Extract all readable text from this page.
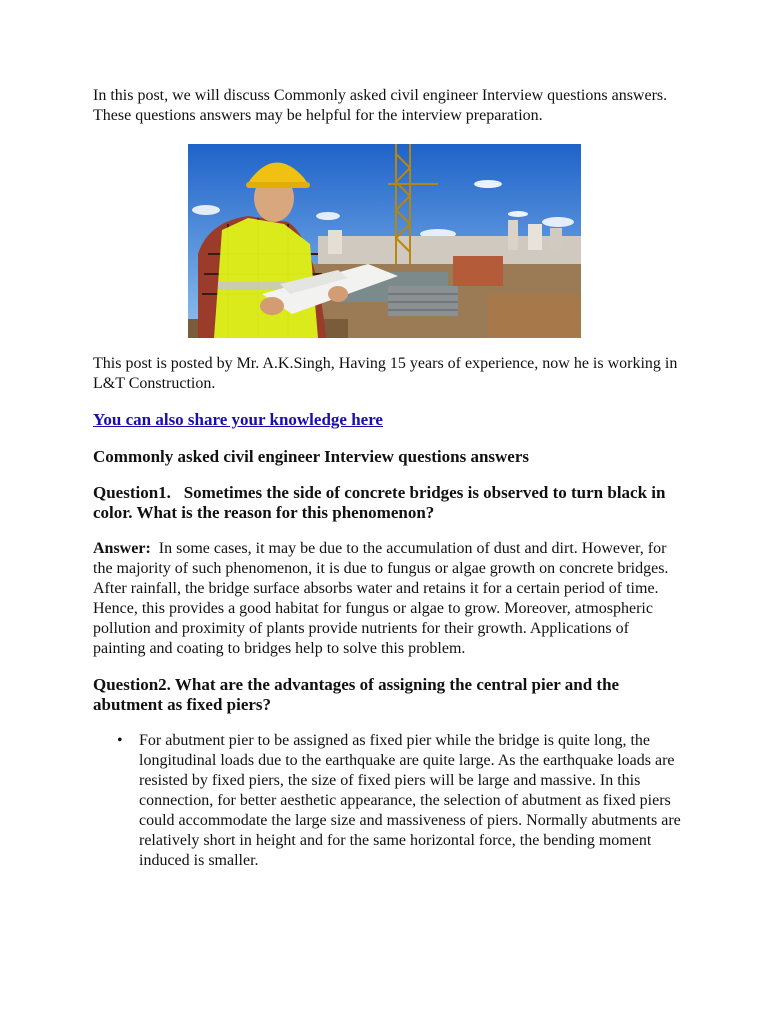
In this post, we will discuss Commonly asked civil engineer Interview questions answers. These questions answers may be helpful for the interview preparation.

This post is posted by Mr. A.K.Singh, Having 15 years of experience, now he is working in L&T Construction.

You can also share your knowledge here

Commonly asked civil engineer Interview questions answers

Question1. Sometimes the side of concrete bridges is observed to turn black in color. What is the reason for this phenomenon?

Answer: In some cases, it may be due to the accumulation of dust and dirt. However, for the majority of such phenomenon, it is due to fungus or algae growth on concrete bridges. After rainfall, the bridge surface absorbs water and retains it for a certain period of time. Hence, this provides a good habitat for fungus or algae to grow. Moreover, atmospheric pollution and proximity of plants provide nutrients for their growth. Applications of painting and coating to bridges help to solve this problem.

Question2. What are the advantages of assigning the central pier and the abutment as fixed piers?

• For abutment pier to be assigned as fixed pier while the bridge is quite long, the longitudinal loads due to the earthquake are quite large. As the earthquake loads are resisted by fixed piers, the size of fixed piers will be large and massive. In this connection, for better aesthetic appearance, the selection of abutment as fixed piers could accommodate the large size and massiveness of piers. Normally abutments are relatively short in height and for the same horizontal force, the bending moment induced is smaller.
